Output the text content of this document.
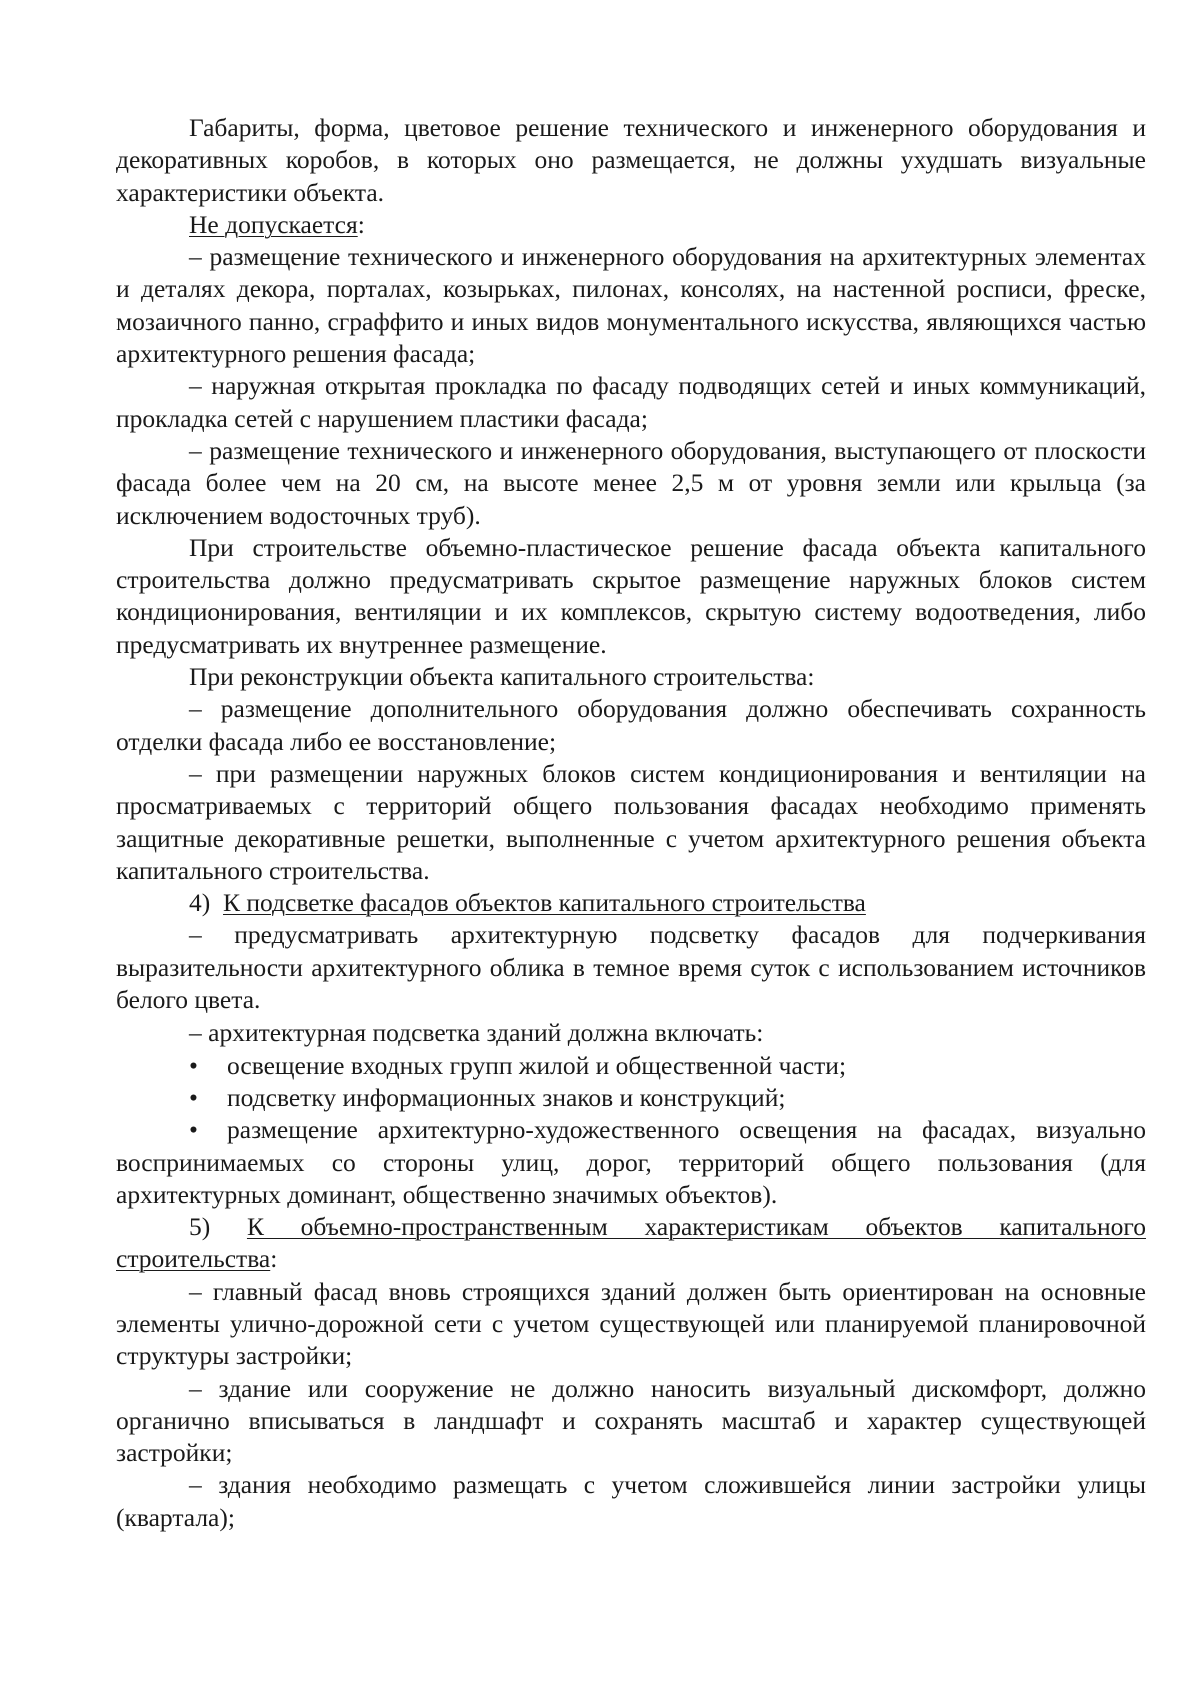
Габариты, форма, цветовое решение технического и инженерного оборудования и декоративных коробов, в которых оно размещается, не должны ухудшать визуальные характеристики объекта.

Не допускается:

– размещение технического и инженерного оборудования на архитектурных элементах и деталях декора, порталах, козырьках, пилонах, консолях, на настенной росписи, фреске, мозаичного панно, сграффито и иных видов монументального искусства, являющихся частью архитектурного решения фасада;

– наружная открытая прокладка по фасаду подводящих сетей и иных коммуникаций, прокладка сетей с нарушением пластики фасада;

– размещение технического и инженерного оборудования, выступающего от плоскости фасада более чем на 20 см, на высоте менее 2,5 м от уровня земли или крыльца (за исключением водосточных труб).

При строительстве объемно-пластическое решение фасада объекта капитального строительства должно предусматривать скрытое размещение наружных блоков систем кондиционирования, вентиляции и их комплексов, скрытую систему водоотведения, либо предусматривать их внутреннее размещение.

При реконструкции объекта капитального строительства:

– размещение дополнительного оборудования должно обеспечивать сохранность отделки фасада либо ее восстановление;

– при размещении наружных блоков систем кондиционирования и вентиляции на просматриваемых с территорий общего пользования фасадах необходимо применять защитные декоративные решетки, выполненные с учетом архитектурного решения объекта капитального строительства.

4) К подсветке фасадов объектов капитального строительства

– предусматривать архитектурную подсветку фасадов для подчеркивания выразительности архитектурного облика в темное время суток с использованием источников белого цвета.

– архитектурная подсветка зданий должна включать:

• освещение входных групп жилой и общественной части;

• подсветку информационных знаков и конструкций;

• размещение архитектурно-художественного освещения на фасадах, визуально воспринимаемых со стороны улиц, дорог, территорий общего пользования (для архитектурных доминант, общественно значимых объектов).

5) К объемно-пространственным характеристикам объектов капитального строительства:

– главный фасад вновь строящихся зданий должен быть ориентирован на основные элементы улично-дорожной сети с учетом существующей или планируемой планировочной структуры застройки;

– здание или сооружение не должно наносить визуальный дискомфорт, должно органично вписываться в ландшафт и сохранять масштаб и характер существующей застройки;

– здания необходимо размещать с учетом сложившейся линии застройки улицы (квартала);
